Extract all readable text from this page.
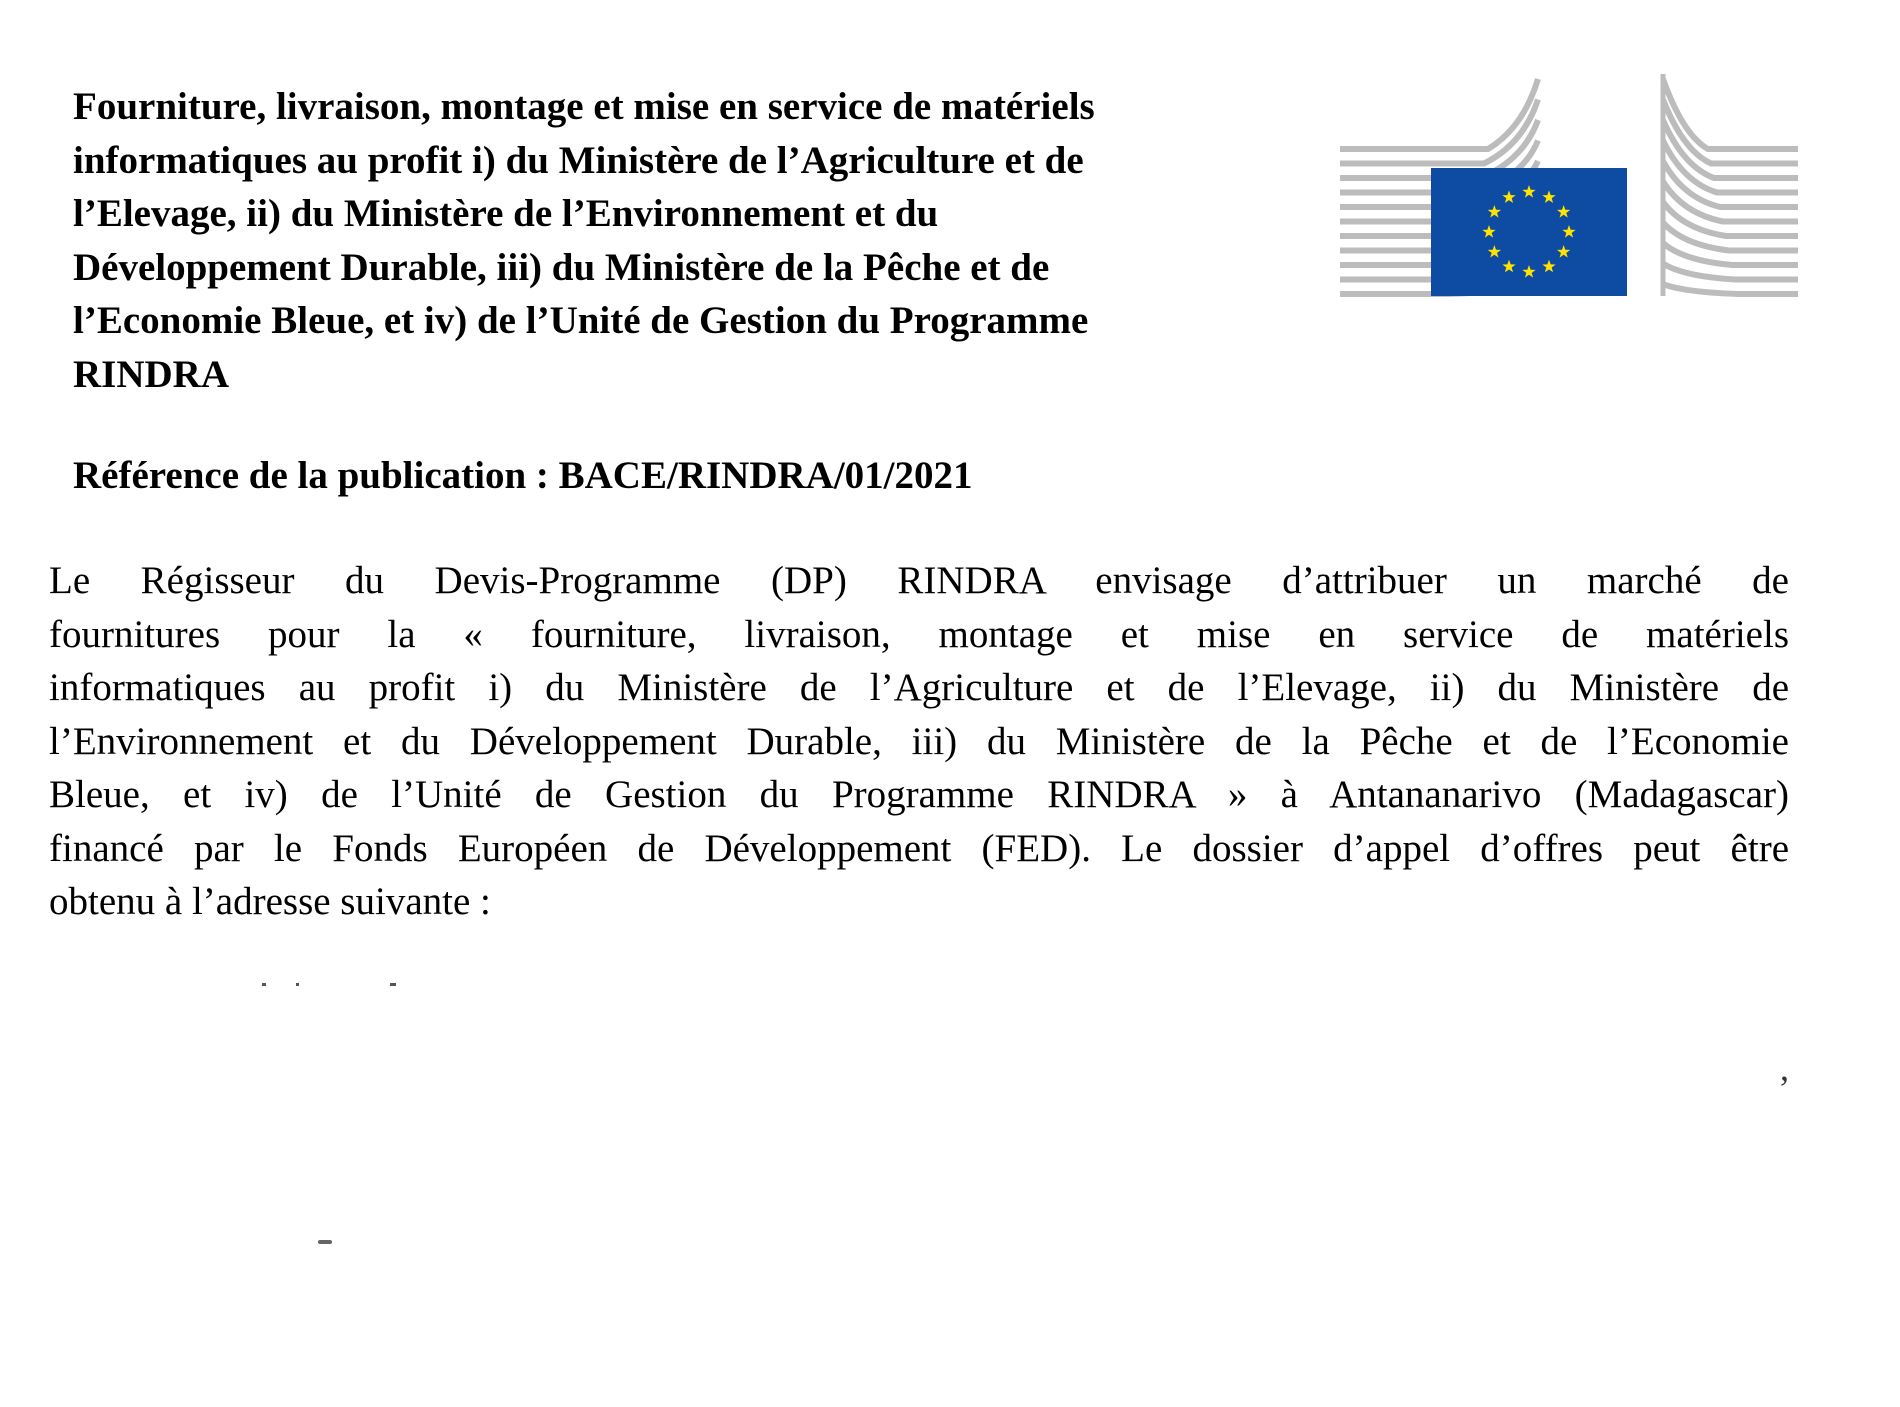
Fourniture, livraison, montage et mise en service de matériels
informatiques au profit i) du Ministère de l’Agriculture et de
l’Elevage, ii) du Ministère de l’Environnement et du
Développement Durable, iii) du Ministère de la Pêche et de
l’Economie Bleue, et iv) de l’Unité de Gestion du Programme
RINDRA

Référence de la publication : BACE/RINDRA/01/2021

Le Régisseur du Devis-Programme (DP) RINDRA envisage d’attribuer un marché de
fournitures pour la « fourniture, livraison, montage et mise en service de matériels
informatiques au profit i) du Ministère de l’Agriculture et de l’Elevage, ii) du Ministère de
l’Environnement et du Développement Durable, iii) du Ministère de la Pêche et de l’Economie
Bleue, et iv) de l’Unité de Gestion du Programme RINDRA » à Antananarivo (Madagascar)
financé par le Fonds Européen de Développement (FED). Le dossier d’appel d’offres peut être
obtenu à l’adresse suivante :
,
